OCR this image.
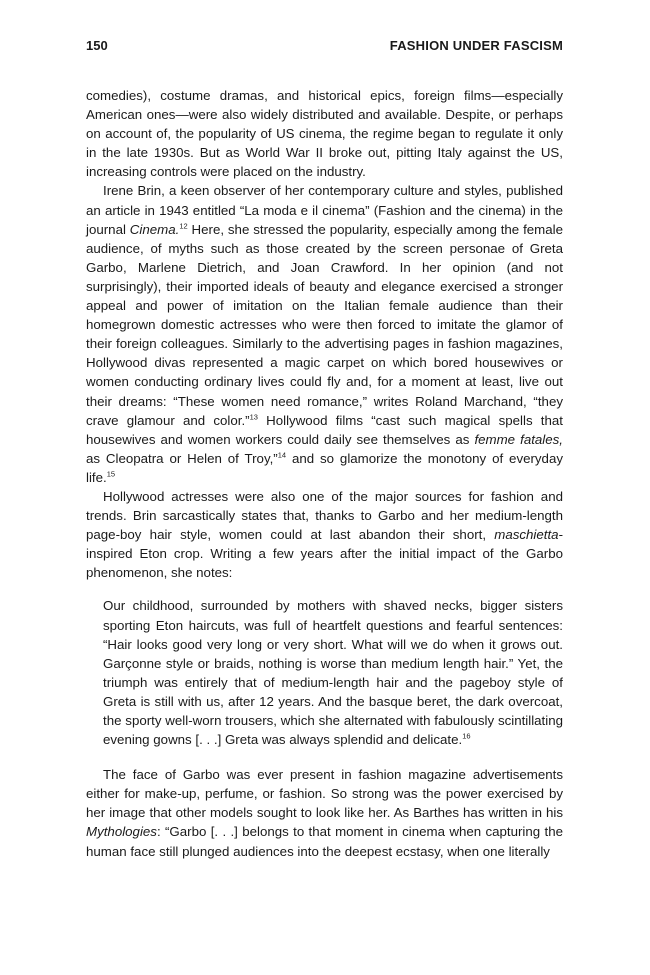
150	FASHION UNDER FASCISM

comedies), costume dramas, and historical epics, foreign films—especially American ones—were also widely distributed and available. Despite, or perhaps on account of, the popularity of US cinema, the regime began to regulate it only in the late 1930s. But as World War II broke out, pitting Italy against the US, increasing controls were placed on the industry.

Irene Brin, a keen observer of her contemporary culture and styles, published an article in 1943 entitled “La moda e il cinema” (Fashion and the cinema) in the journal Cinema.$^{12}$ Here, she stressed the popularity, especially among the female audience, of myths such as those created by the screen personae of Greta Garbo, Marlene Dietrich, and Joan Crawford. In her opinion (and not surprisingly), their imported ideals of beauty and elegance exercised a stronger appeal and power of imitation on the Italian female audience than their homegrown domestic actresses who were then forced to imitate the glamor of their foreign colleagues. Similarly to the advertising pages in fashion magazines, Hollywood divas represented a magic carpet on which bored housewives or women conducting ordinary lives could fly and, for a moment at least, live out their dreams: “These women need romance,” writes Roland Marchand, “they crave glamour and color.”$^{13}$ Hollywood films “cast such magical spells that housewives and women workers could daily see themselves as femme fatales, as Cleopatra or Helen of Troy,”$^{14}$ and so glamorize the monotony of everyday life.$^{15}$

Hollywood actresses were also one of the major sources for fashion and trends. Brin sarcastically states that, thanks to Garbo and her medium-length page-boy hair style, women could at last abandon their short, maschietta-inspired Eton crop. Writing a few years after the initial impact of the Garbo phenomenon, she notes:

Our childhood, surrounded by mothers with shaved necks, bigger sisters sporting Eton haircuts, was full of heartfelt questions and fearful sentences: “Hair looks good very long or very short. What will we do when it grows out. Garçonne style or braids, nothing is worse than medium length hair.” Yet, the triumph was entirely that of medium-length hair and the pageboy style of Greta is still with us, after 12 years. And the basque beret, the dark overcoat, the sporty well-worn trousers, which she alternated with fabulously scintillating evening gowns [. . .] Greta was always splendid and delicate.$^{16}$

The face of Garbo was ever present in fashion magazine advertisements either for make-up, perfume, or fashion. So strong was the power exercised by her image that other models sought to look like her. As Barthes has written in his Mythologies: “Garbo [. . .] belongs to that moment in cinema when capturing the human face still plunged audiences into the deepest ecstasy, when one literally
